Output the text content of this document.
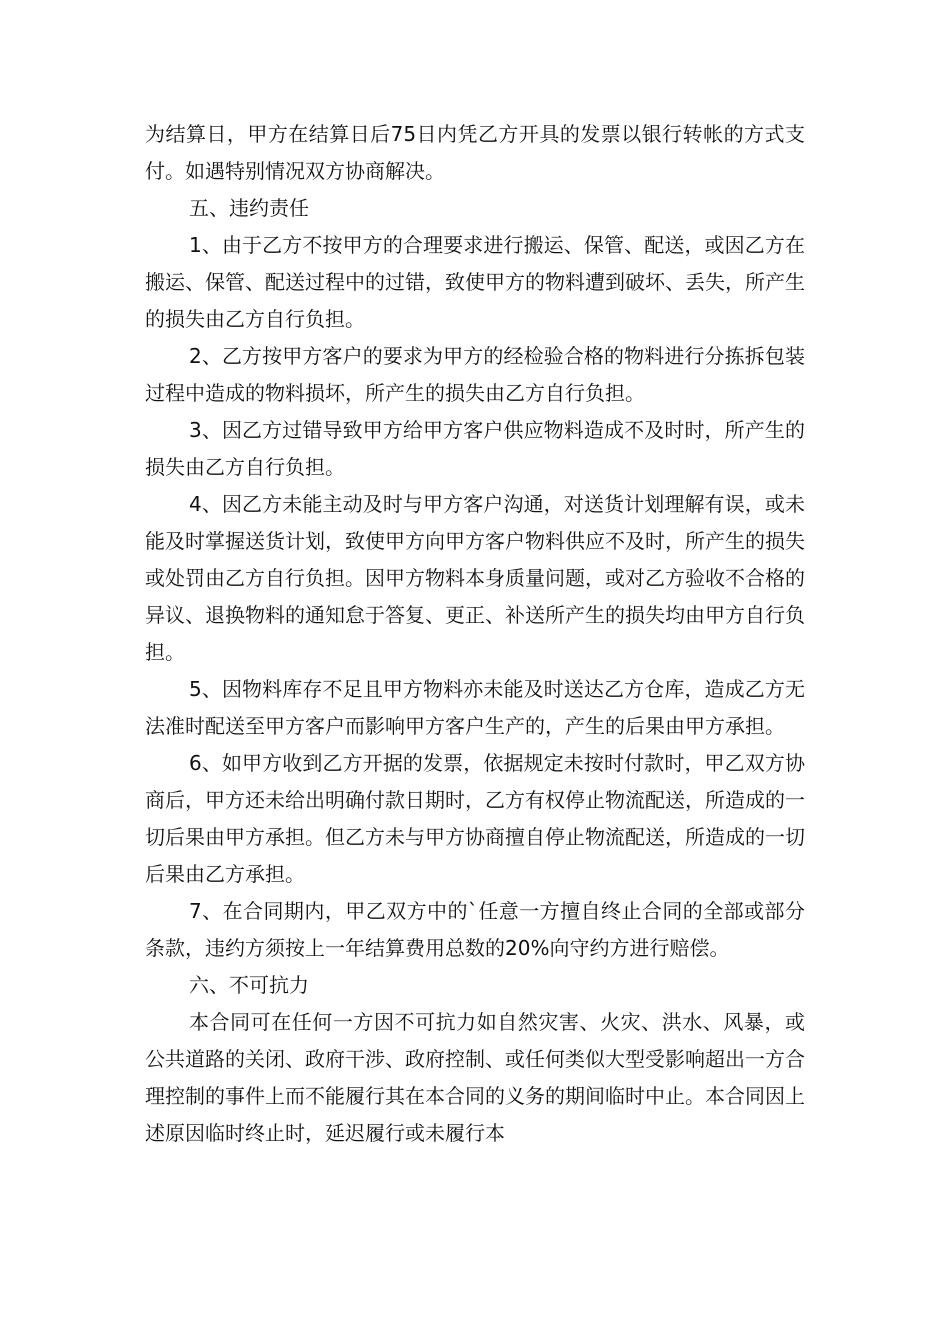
为结算日，甲方在结算日后75日内凭乙方开具的发票以银行转帐的方式支付。如遇特别情况双方协商解决。

五、违约责任

1、由于乙方不按甲方的合理要求进行搬运、保管、配送，或因乙方在搬运、保管、配送过程中的过错，致使甲方的物料遭到破坏、丢失，所产生的损失由乙方自行负担。

2、乙方按甲方客户的要求为甲方的经检验合格的物料进行分拣拆包装过程中造成的物料损坏，所产生的损失由乙方自行负担。

3、因乙方过错导致甲方给甲方客户供应物料造成不及时时，所产生的损失由乙方自行负担。

4、因乙方未能主动及时与甲方客户沟通，对送货计划理解有误，或未能及时掌握送货计划，致使甲方向甲方客户物料供应不及时，所产生的损失或处罚由乙方自行负担。因甲方物料本身质量问题，或对乙方验收不合格的异议、退换物料的通知怠于答复、更正、补送所产生的损失均由甲方自行负担。

5、因物料库存不足且甲方物料亦未能及时送达乙方仓库，造成乙方无法准时配送至甲方客户而影响甲方客户生产的，产生的后果由甲方承担。

6、如甲方收到乙方开据的发票，依据规定未按时付款时，甲乙双方协商后，甲方还未给出明确付款日期时，乙方有权停止物流配送，所造成的一切后果由甲方承担。但乙方未与甲方协商擅自停止物流配送，所造成的一切后果由乙方承担。

7、在合同期内，甲乙双方中的`任意一方擅自终止合同的全部或部分条款，违约方须按上一年结算费用总数的20%向守约方进行赔偿。

六、不可抗力

本合同可在任何一方因不可抗力如自然灾害、火灾、洪水、风暴，或公共道路的关闭、政府干涉、政府控制、或任何类似大型受影响超出一方合理控制的事件上而不能履行其在本合同的义务的期间临时中止。本合同因上述原因临时终止时，延迟履行或未履行本
